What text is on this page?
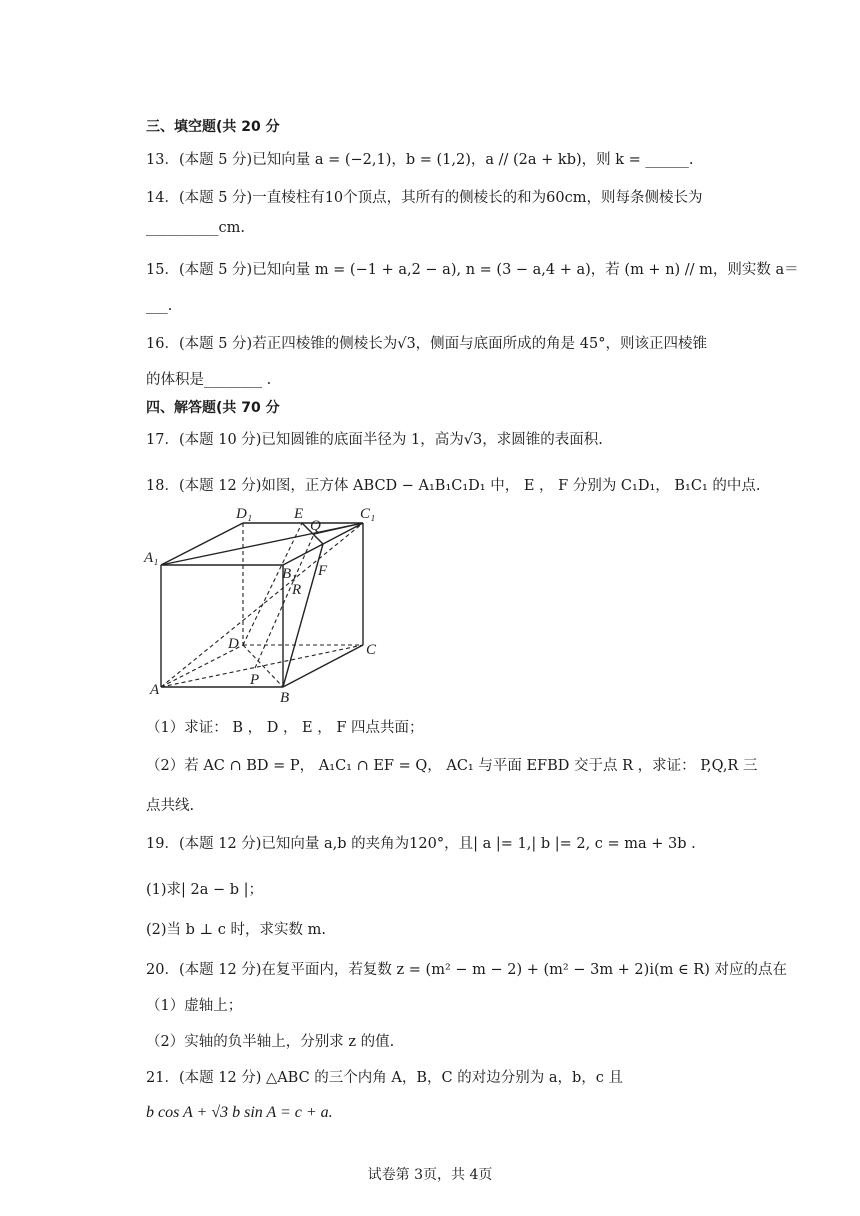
三、填空题(共 20 分
13．(本题 5 分)已知向量 a = (−2,1)，b = (1,2)，a // (2a + kb)，则 k = ______.
14．(本题 5 分)一直棱柱有10个顶点，其所有的侧棱长的和为60cm，则每条侧棱长为
__________cm.
15．(本题 5 分)已知向量 m = (−1 + a,2 − a), n = (3 − a,4 + a)，若 (m + n) // m，则实数 a＝
___.
16．(本题 5 分)若正四棱锥的侧棱长为√3，侧面与底面所成的角是 45°，则该正四棱锥
的体积是________ .
四、解答题(共 70 分
17．(本题 10 分)已知圆锥的底面半径为 1，高为√3，求圆锥的表面积.
18．(本题 12 分)如图，正方体 ABCD − A₁B₁C₁D₁ 中， E ， F 分别为 C₁D₁， B₁C₁ 的中点.
D₁	E
Q
C₁
A₁
B₁ F
R
D	C
A
P
B
（1）求证： B ， D ， E ， F 四点共面；
（2）若 AC ∩ BD = P， A₁C₁ ∩ EF = Q， AC₁ 与平面 EFBD 交于点 R ，求证： P,Q,R 三
点共线.
19．(本题 12 分)已知向量 a,b 的夹角为120°，且| a |= 1,| b |= 2, c = ma + 3b .
(1)求| 2a − b |；
(2)当 b ⊥ c 时，求实数 m.
20．(本题 12 分)在复平面内，若复数 z = (m² − m − 2) + (m² − 3m + 2)i(m ∈ R) 对应的点在
（1）虚轴上；
（2）实轴的负半轴上，分别求 z 的值.
21．(本题 12 分) △ABC 的三个内角 A，B，C 的对边分别为 a，b，c 且
b cos A + √3 b sin A = c + a.
试卷第 3页，共 4页
